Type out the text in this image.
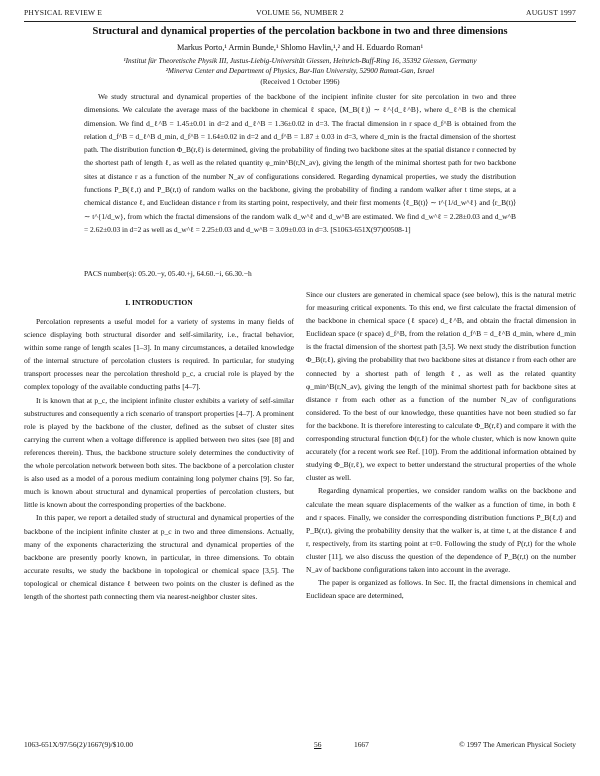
PHYSICAL REVIEW E	VOLUME 56, NUMBER 2	AUGUST 1997
Structural and dynamical properties of the percolation backbone in two and three dimensions
Markus Porto,¹ Armin Bunde,¹ Shlomo Havlin,¹,² and H. Eduardo Roman¹
¹Institut für Theoretische Physik III, Justus-Liebig-Universität Giessen, Heinrich-Buff-Ring 16, 35392 Giessen, Germany
²Minerva Center and Department of Physics, Bar-Ilan University, 52900 Ramat-Gan, Israel
(Received 1 October 1996)

We study structural and dynamical properties of the backbone of the incipient infinite cluster for site percolation in two and three dimensions. We calculate the average mass of the backbone in chemical ℓ space, ⟨M_B(ℓ)⟩ ∼ ℓ^{d_ℓ^B}, where d_ℓ^B is the chemical dimension. We find d_ℓ^B = 1.45±0.01 in d=2 and d_ℓ^B = 1.36±0.02 in d=3. The fractal dimension in r space d_f^B is obtained from the relation d_f^B = d_ℓ^B d_min, d_f^B = 1.64±0.02 in d=2 and d_f^B = 1.87 ± 0.03 in d=3, where d_min is the fractal dimension of the shortest path. The distribution function Φ_B(r,ℓ) is determined, giving the probability of finding two backbone sites at the spatial distance r connected by the shortest path of length ℓ, as well as the related quantity φ_min^B(r,N_av), giving the length of the minimal shortest path for two backbone sites at distance r as a function of the number N_av of configurations considered. Regarding dynamical properties, we study the distribution functions P_B(ℓ,t) and P_B(r,t) of random walks on the backbone, giving the probability of finding a random walker after t time steps, at a chemical distance ℓ, and Euclidean distance r from its starting point, respectively, and their first moments ⟨ℓ_B(t)⟩ ∼ t^{1/d_w^ℓ} and ⟨r_B(t)⟩ ∼ t^{1/d_w}, from which the fractal dimensions of the random walk d_w^ℓ and d_w^B are estimated. We find d_w^ℓ = 2.28±0.03 and d_w^B = 2.62±0.03 in d=2 as well as d_w^ℓ = 2.25±0.03 and d_w^B = 3.09±0.03 in d=3. [S1063-651X(97)00508-1]

PACS number(s): 05.20.−y, 05.40.+j, 64.60.−i, 66.30.−h
I. INTRODUCTION

Percolation represents a useful model for a variety of systems in many fields of science displaying both structural disorder and self-similarity, i.e., fractal behavior, within some range of length scales [1–3]. In many circumstances, a detailed knowledge of the internal structure of percolation clusters is required. In particular, for studying transport processes near the percolation threshold p_c, a crucial role is played by the complex topology of the available conducting paths [4–7].

It is known that at p_c, the incipient infinite cluster exhibits a variety of self-similar substructures and consequently a rich scenario of transport properties [4–7]. A prominent role is played by the backbone of the cluster, defined as the subset of cluster sites carrying the current when a voltage difference is applied between two sites (see [8] and references therein). Thus, the backbone structure solely determines the conductivity of the whole percolation network between both sites. The backbone of a percolation cluster is also used as a model of a porous medium containing long polymer chains [9]. So far, much is known about structural and dynamical properties of percolation clusters, but little is known about the corresponding properties of the backbone.

In this paper, we report a detailed study of structural and dynamical properties of the backbone of the incipient infinite cluster at p_c in two and three dimensions. Actually, many of the exponents characterizing the structural and dynamical properties of the backbone are presently poorly known, in particular, in three dimensions. To obtain accurate results, we study the backbone in topological or chemical space [3,5]. The topological or chemical distance ℓ between two points on the cluster is defined as the length of the shortest path connecting them via nearest-neighbor cluster sites.

Since our clusters are generated in chemical space (see below), this is the natural metric for measuring critical exponents. To this end, we first calculate the fractal dimension of the backbone in chemical space (ℓ space) d_ℓ^B, and obtain the fractal dimension in Euclidean space (r space) d_f^B, from the relation d_f^B = d_ℓ^B d_min, where d_min is the fractal dimension of the shortest path [3,5]. We next study the distribution function Φ_B(r,ℓ), giving the probability that two backbone sites at distance r from each other are connected by a shortest path of length ℓ, as well as the related quantity φ_min^B(r,N_av), giving the length of the minimal shortest path for backbone sites at distance r from each other as a function of the number N_av of configurations considered. To the best of our knowledge, these quantities have not been studied so far for the backbone. It is therefore interesting to calculate Φ_B(r,ℓ) and compare it with the corresponding structural function Φ(r,ℓ) for the whole cluster, which is now known quite accurately (for a recent work see Ref. [10]). From the additional information obtained by studying Φ_B(r,ℓ), we expect to better understand the structural properties of the whole cluster as well.

Regarding dynamical properties, we consider random walks on the backbone and calculate the mean square displacements of the walker as a function of time, in both ℓ and r spaces. Finally, we consider the corresponding distribution functions P_B(ℓ,t) and P_B(r,t), giving the probability density that the walker is, at time t, at the distance ℓ and r, respectively, from its starting point at t=0. Following the study of P(r,t) for the whole cluster [11], we also discuss the question of the dependence of P_B(r,t) on the number N_av of backbone configurations taken into account in the average.

The paper is organized as follows. In Sec. II, the fractal dimensions in chemical and Euclidean space are determined,

1063-651X/97/56(2)/1667(9)/$10.00	56	1667	© 1997 The American Physical Society
